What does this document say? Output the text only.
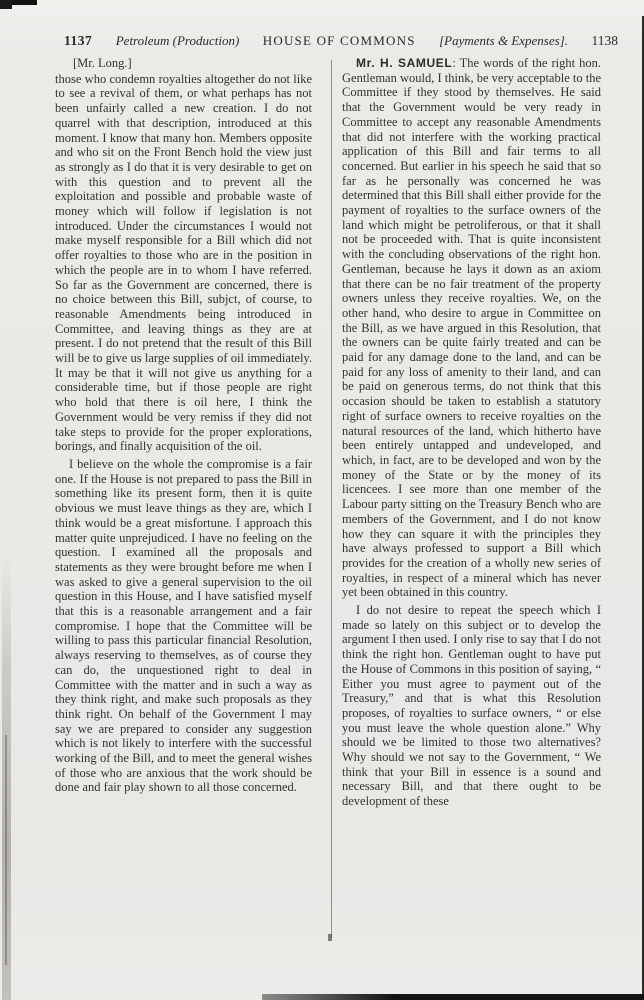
1137 Petroleum (Production) HOUSE OF COMMONS [Payments & Expenses]. 1138

[Mr. Long.]

those who condemn royalties altogether do not like to see a revival of them, or what perhaps has not been unfairly called a new creation. I do not quarrel with that description, introduced at this moment. I know that many hon. Members opposite and who sit on the Front Bench hold the view just as strongly as I do that it is very desirable to get on with this question and to prevent all the exploitation and possible and probable waste of money which will follow if legislation is not introduced. Under the circumstances I would not make myself responsible for a Bill which did not offer royalties to those who are in the position in which the people are in to whom I have referred. So far as the Government are concerned, there is no choice between this Bill, subjct, of course, to reasonable Amendments being introduced in Committee, and leaving things as they are at present. I do not pretend that the result of this Bill will be to give us large supplies of oil immediately. It may be that it will not give us anything for a considerable time, but if those people are right who hold that there is oil here, I think the Government would be very remiss if they did not take steps to provide for the proper explorations, borings, and finally acquisition of the oil.

I believe on the whole the compromise is a fair one. If the House is not prepared to pass the Bill in something like its present form, then it is quite obvious we must leave things as they are, which I think would be a great misfortune. I approach this matter quite unprejudiced. I have no feeling on the question. I examined all the proposals and statements as they were brought before me when I was asked to give a general supervision to the oil question in this House, and I have satisfied myself that this is a reasonable arrangement and a fair compromise. I hope that the Committee will be willing to pass this particular financial Resolution, always reserving to themselves, as of course they can do, the unquestioned right to deal in Committee with the matter and in such a way as they think right, and make such proposals as they think right. On behalf of the Government I may say we are prepared to consider any suggestion which is not likely to interfere with the successful working of the Bill, and to meet the general wishes of those who are anxious that the work should be done and fair play shown to all those concerned.

Mr. H. SAMUEL: The words of the right hon. Gentleman would, I think, be very acceptable to the Committee if they stood by themselves. He said that the Government would be very ready in Committee to accept any reasonable Amendments that did not interfere with the working practical application of this Bill and fair terms to all concerned. But earlier in his speech he said that so far as he personally was concerned he was determined that this Bill shall either provide for the payment of royalties to the surface owners of the land which might be petroliferous, or that it shall not be proceeded with. That is quite inconsistent with the concluding observations of the right hon. Gentleman, because he lays it down as an axiom that there can be no fair treatment of the property owners unless they receive royalties. We, on the other hand, who desire to argue in Committee on the Bill, as we have argued in this Resolution, that the owners can be quite fairly treated and can be paid for any damage done to the land, and can be paid for any loss of amenity to their land, and can be paid on generous terms, do not think that this occasion should be taken to establish a statutory right of surface owners to receive royalties on the natural resources of the land, which hitherto have been entirely untapped and undeveloped, and which, in fact, are to be developed and won by the money of the State or by the money of its licencees. I see more than one member of the Labour party sitting on the Treasury Bench who are members of the Government, and I do not know how they can square it with the principles they have always professed to support a Bill which provides for the creation of a wholly new series of royalties, in respect of a mineral which has never yet been obtained in this country.

I do not desire to repeat the speech which I made so lately on this subject or to develop the argument I then used. I only rise to say that I do not think the right hon. Gentleman ought to have put the House of Commons in this position of saying, “ Either you must agree to payment out of the Treasury,” and that is what this Resolution proposes, of royalties to surface owners, “ or else you must leave the whole question alone.” Why should we be limited to those two alternatives? Why should we not say to the Government, “ We think that your Bill in essence is a sound and necessary Bill, and that there ought to be development of these
